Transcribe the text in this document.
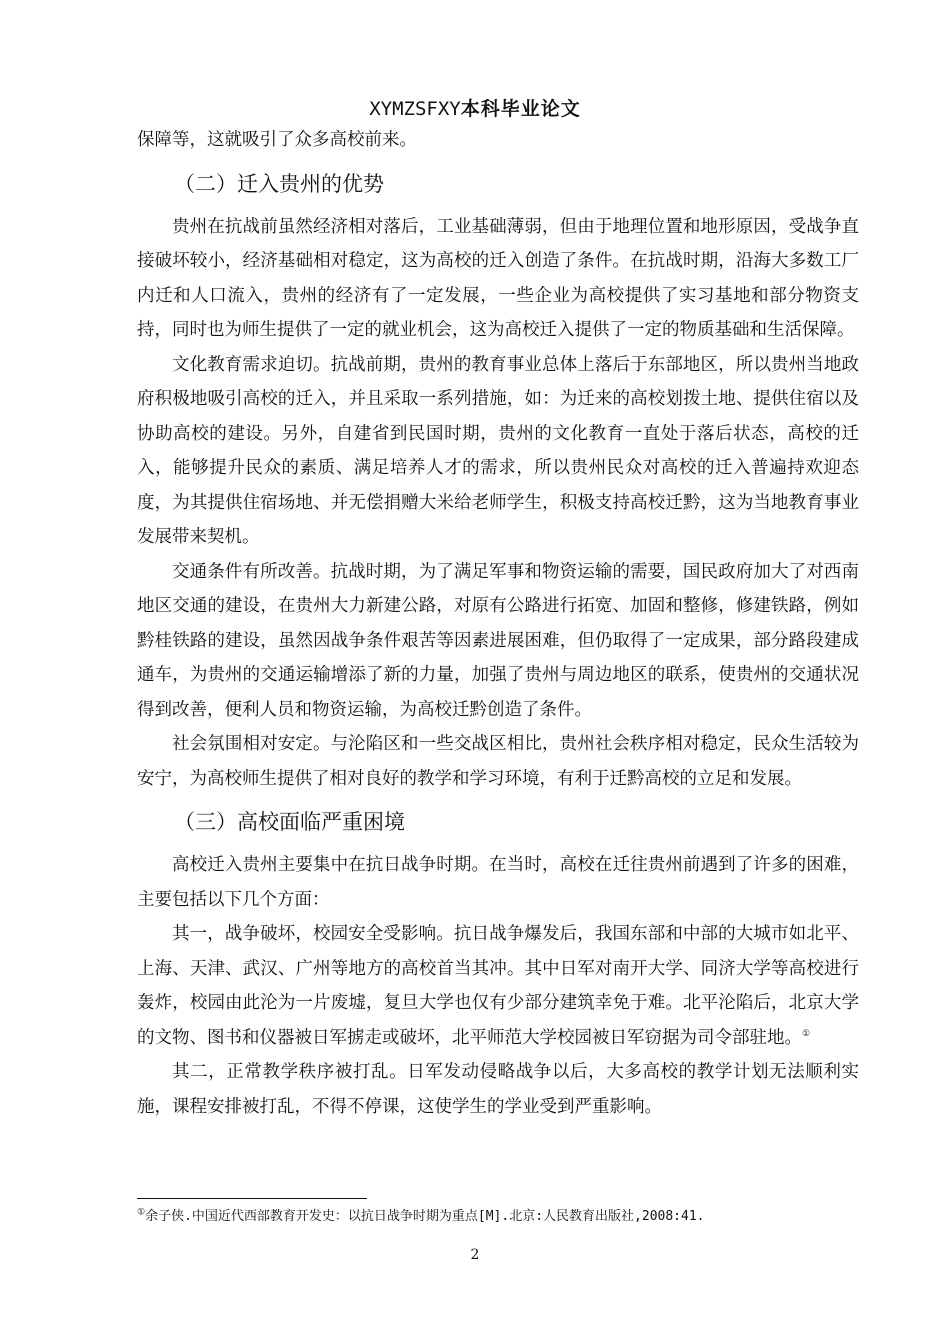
XYMZSFXY本科毕业论文

保障等，这就吸引了众多高校前来。

（二）迁入贵州的优势

贵州在抗战前虽然经济相对落后，工业基础薄弱，但由于地理位置和地形原因，受战争直接破坏较小，经济基础相对稳定，这为高校的迁入创造了条件。在抗战时期，沿海大多数工厂内迁和人口流入，贵州的经济有了一定发展，一些企业为高校提供了实习基地和部分物资支持，同时也为师生提供了一定的就业机会，这为高校迁入提供了一定的物质基础和生活保障。

文化教育需求迫切。抗战前期，贵州的教育事业总体上落后于东部地区，所以贵州当地政府积极地吸引高校的迁入，并且采取一系列措施，如：为迁来的高校划拨土地、提供住宿以及协助高校的建设。另外，自建省到民国时期，贵州的文化教育一直处于落后状态，高校的迁入，能够提升民众的素质、满足培养人才的需求，所以贵州民众对高校的迁入普遍持欢迎态度，为其提供住宿场地、并无偿捐赠大米给老师学生，积极支持高校迁黔，这为当地教育事业发展带来契机。

交通条件有所改善。抗战时期，为了满足军事和物资运输的需要，国民政府加大了对西南地区交通的建设，在贵州大力新建公路，对原有公路进行拓宽、加固和整修，修建铁路，例如黔桂铁路的建设，虽然因战争条件艰苦等因素进展困难，但仍取得了一定成果，部分路段建成通车，为贵州的交通运输增添了新的力量，加强了贵州与周边地区的联系，使贵州的交通状况得到改善，便利人员和物资运输，为高校迁黔创造了条件。

社会氛围相对安定。与沦陷区和一些交战区相比，贵州社会秩序相对稳定，民众生活较为安宁，为高校师生提供了相对良好的教学和学习环境，有利于迁黔高校的立足和发展。

（三）高校面临严重困境

高校迁入贵州主要集中在抗日战争时期。在当时，高校在迁往贵州前遇到了许多的困难，主要包括以下几个方面：

其一，战争破坏，校园安全受影响。抗日战争爆发后，我国东部和中部的大城市如北平、上海、天津、武汉、广州等地方的高校首当其冲。其中日军对南开大学、同济大学等高校进行轰炸，校园由此沦为一片废墟，复旦大学也仅有少部分建筑幸免于难。北平沦陷后，北京大学的文物、图书和仪器被日军掳走或破坏，北平师范大学校园被日军窃据为司令部驻地。①

其二，正常教学秩序被打乱。日军发动侵略战争以后，大多高校的教学计划无法顺利实施，课程安排被打乱，不得不停课，这使学生的学业受到严重影响。

①余子侠.中国近代西部教育开发史：以抗日战争时期为重点[M].北京:人民教育出版社,2008:41.
2
